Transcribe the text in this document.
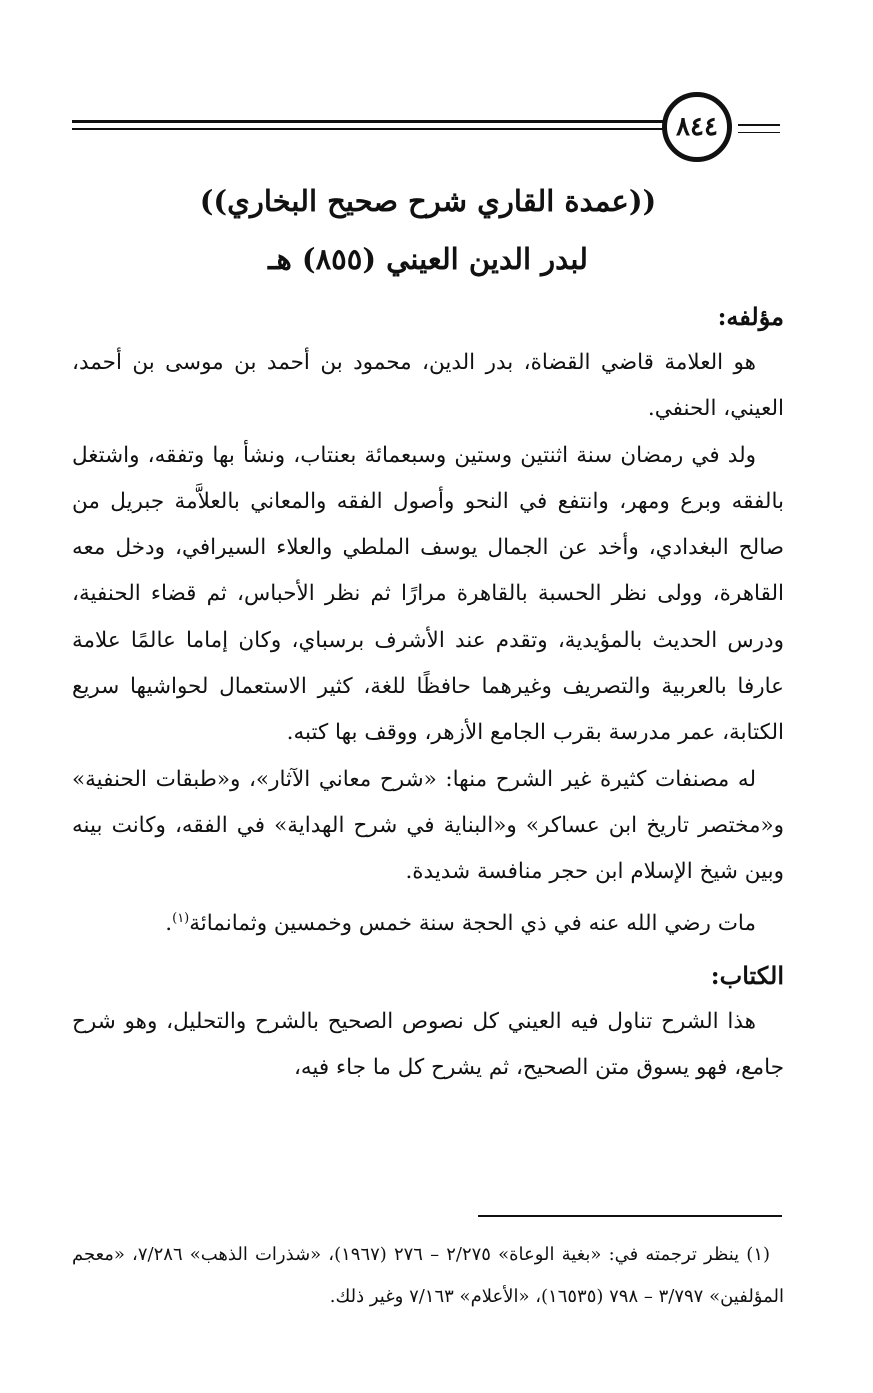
٨٤٤

((عمدة القاري شرح صحيح البخاري))

لبدر الدين العيني (٨٥٥) هـ

مؤلفه:

هو العلامة قاضي القضاة، بدر الدين، محمود بن أحمد بن موسى بن أحمد، العيني، الحنفي.

ولد في رمضان سنة اثنتين وستين وسبعمائة بعنتاب، ونشأ بها وتفقه، واشتغل بالفقه وبرع ومهر، وانتفع في النحو وأصول الفقه والمعاني بالعلاَّمة جبريل من صالح البغدادي، وأخد عن الجمال يوسف الملطي والعلاء السيرافي، ودخل معه القاهرة، وولى نظر الحسبة بالقاهرة مرارًا ثم نظر الأحباس، ثم قضاء الحنفية، ودرس الحديث بالمؤيدية، وتقدم عند الأشرف برسباي، وكان إماما عالمًا علامة عارفا بالعربية والتصريف وغيرهما حافظًا للغة، كثير الاستعمال لحواشيها سريع الكتابة، عمر مدرسة بقرب الجامع الأزهر، ووقف بها كتبه.

له مصنفات كثيرة غير الشرح منها: «شرح معاني الآثار»، و«طبقات الحنفية» و«مختصر تاريخ ابن عساكر» و«البناية في شرح الهداية» في الفقه، وكانت بينه وبين شيخ الإسلام ابن حجر منافسة شديدة.

مات رضي الله عنه في ذي الحجة سنة خمس وخمسين وثمانمائة$^{(١)}$.

الكتاب:

هذا الشرح تناول فيه العيني كل نصوص الصحيح بالشرح والتحليل، وهو شرح جامع، فهو يسوق متن الصحيح، ثم يشرح كل ما جاء فيه،

(١) ينظر ترجمته في: «بغية الوعاة» ٢/٢٧٥ – ٢٧٦ (١٩٦٧)، «شذرات الذهب» ٧/٢٨٦، «معجم المؤلفين» ٣/٧٩٧ – ٧٩٨ (١٦٥٣٥)، «الأعلام» ٧/١٦٣ وغير ذلك.
